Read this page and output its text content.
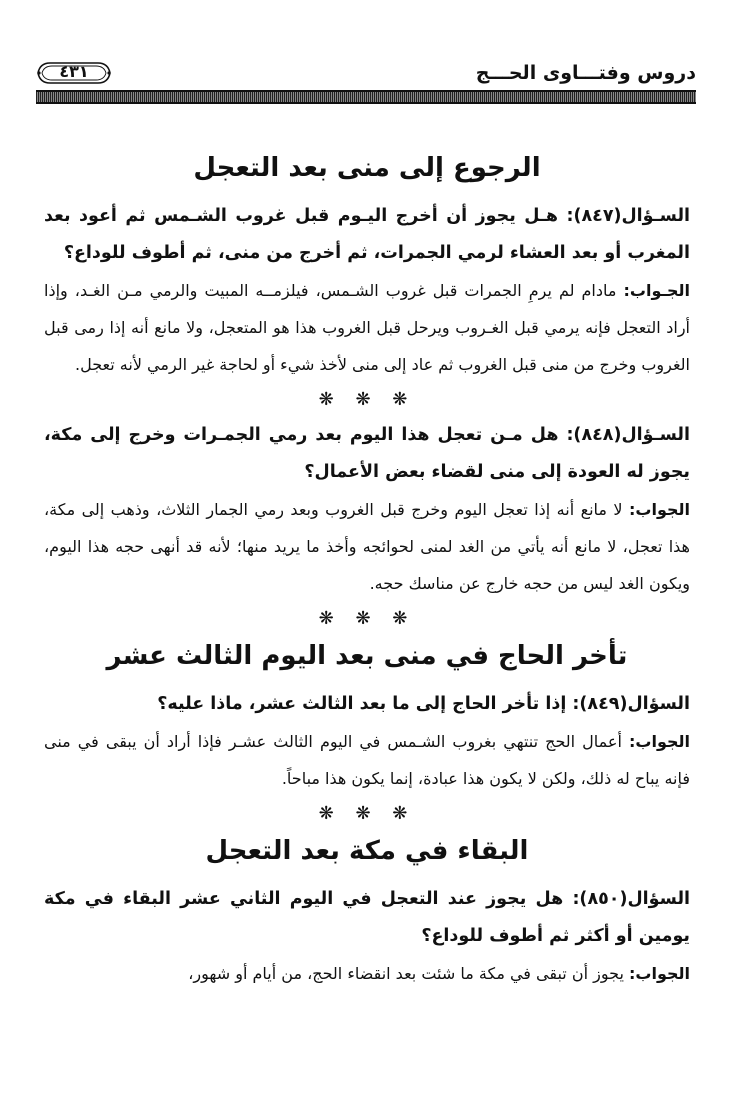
دروس وفتـــاوى الحـــج
٤٣١
الرجوع إلى منى بعد التعجل

السـؤال(٨٤٧): هـل يجوز أن أخرج اليـوم قبل غروب الشـمس ثم أعود بعد المغرب أو بعد العشاء لرمي الجمرات، ثم أخرج من منى، ثم أطوف للوداع؟

الجـواب: مادام لم يرمِ الجمرات قبل غروب الشـمس، فيلزمــه المبيت والرمي مـن الغـد، وإذا أراد التعجل فإنه يرمي قبل الغـروب ويرحل قبل الغروب هذا هو المتعجل، ولا مانع أنه إذا رمى قبل الغروب وخرج من منى قبل الغروب ثم عاد إلى منى لأخذ شيء أو لحاجة غير الرمي لأنه تعجل.

❋ ❋ ❋

السـؤال(٨٤٨): هل مـن تعجل هذا اليوم بعد رمي الجمـرات وخرج إلى مكة، يجوز له العودة إلى منى لقضاء بعض الأعمال؟

الجواب: لا مانع أنه إذا تعجل اليوم وخرج قبل الغروب وبعد رمي الجمار الثلاث، وذهب إلى مكة، هذا تعجل، لا مانع أنه يأتي من الغد لمنى لحوائجه وأخذ ما يريد منها؛ لأنه قد أنهى حجه هذا اليوم، ويكون الغد ليس من حجه خارج عن مناسك حجه.

❋ ❋ ❋

تأخر الحاج في منى بعد اليوم الثالث عشر

السؤال(٨٤٩): إذا تأخر الحاج إلى ما بعد الثالث عشر، ماذا عليه؟

الجواب: أعمال الحج تنتهي بغروب الشـمس في اليوم الثالث عشـر فإذا أراد أن يبقى في منى فإنه يباح له ذلك، ولكن لا يكون هذا عبادة، إنما يكون هذا مباحاً.

❋ ❋ ❋

البقاء في مكة بعد التعجل

السؤال(٨٥٠): هل يجوز عند التعجل في اليوم الثاني عشر البقاء في مكة يومين أو أكثر ثم أطوف للوداع؟

الجواب: يجوز أن تبقى في مكة ما شئت بعد انقضاء الحج، من أيام أو شهور،
